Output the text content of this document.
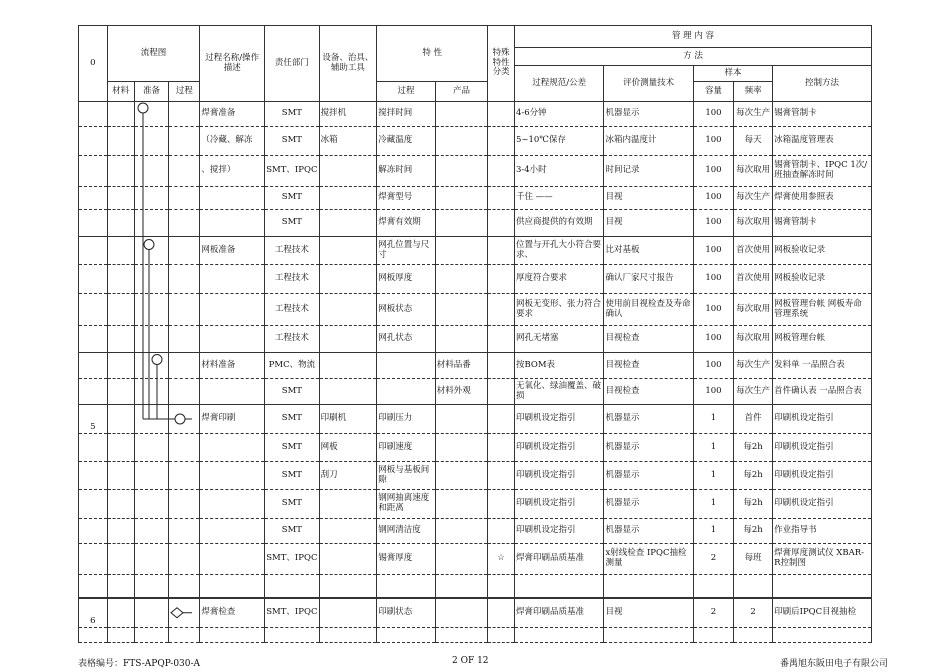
0	流程图			过程名称/操作描述	责任部门	设备、治具、辅助工具	特 性		特殊特性分类	管 理 内 容				
										方 法				
										过程规范/公差	评价测量技术	样本		控制方法
	材料	准备	过程				过程	产品				容量	频率	
				焊膏准备	SMT	搅拌机	搅拌时间			4-6分钟	机器显示	100	每次生产	锡膏管制卡
				（冷藏、解冻	SMT	冰箱	冷藏温度			5~10℃保存	冰箱内温度计	100	每天	冰箱温度管理表
				、搅拌）	SMT、IPQC		解冻时间			3-4小时	时间记录	100	每次取用	锡膏管制卡、IPQC 1次/班抽查解冻时间
					SMT		焊膏型号			千住 ——	目视	100	每次生产	焊膏使用参照表
					SMT		焊膏有效期			供应商提供的有效期	目视	100	每次取用	锡膏管制卡
				网板准备	工程技术		网孔位置与尺寸			位置与开孔大小符合要求、	比对基板	100	首次使用	网板验收记录
					工程技术		网板厚度			厚度符合要求	确认厂家尺寸报告	100	首次使用	网板验收记录
					工程技术		网板状态			网板无变形、张力符合要求	使用前目视检查及寿命确认	100	每次取用	网板管理台帐 网板寿命管理系统
					工程技术		网孔状态			网孔无堵塞	目视检查	100	每次取用	网板管理台帐
				材料准备	PMC、物流			材料品番		按BOM表	目视检查	100	每次生产	发料单 一品照合表
					SMT			材料外观		无氧化、绿油覆盖、破损	目视检查	100	每次生产	首件确认表 一品照合表
5				焊膏印刷	SMT	印刷机	印刷压力			印刷机设定指引	机器显示	1	首件	印刷机设定指引
					SMT	网板	印刷速度			印刷机设定指引	机器显示	1	每2h	印刷机设定指引
					SMT	刮刀	网板与基板间隙			印刷机设定指引	机器显示	1	每2h	印刷机设定指引
					SMT		钢网抽离速度和距离			印刷机设定指引	机器显示	1	每2h	印刷机设定指引
					SMT		钢网清洁度			印刷机设定指引	机器显示	1	每2h	作业指导书
					SMT、IPQC		锡膏厚度		☆	焊膏印刷品质基准	x射线检查 IPQC抽检测量	2	每班	焊膏厚度测试仪 XBAR-R控制图

6				焊膏检查	SMT、IPQC		印刷状态			焊膏印刷品质基准	目视	2	2	印刷后IPQC目视抽检

表格编号：FTS-APQP-030-A	2 OF 12	番禺旭东阪田电子有限公司
